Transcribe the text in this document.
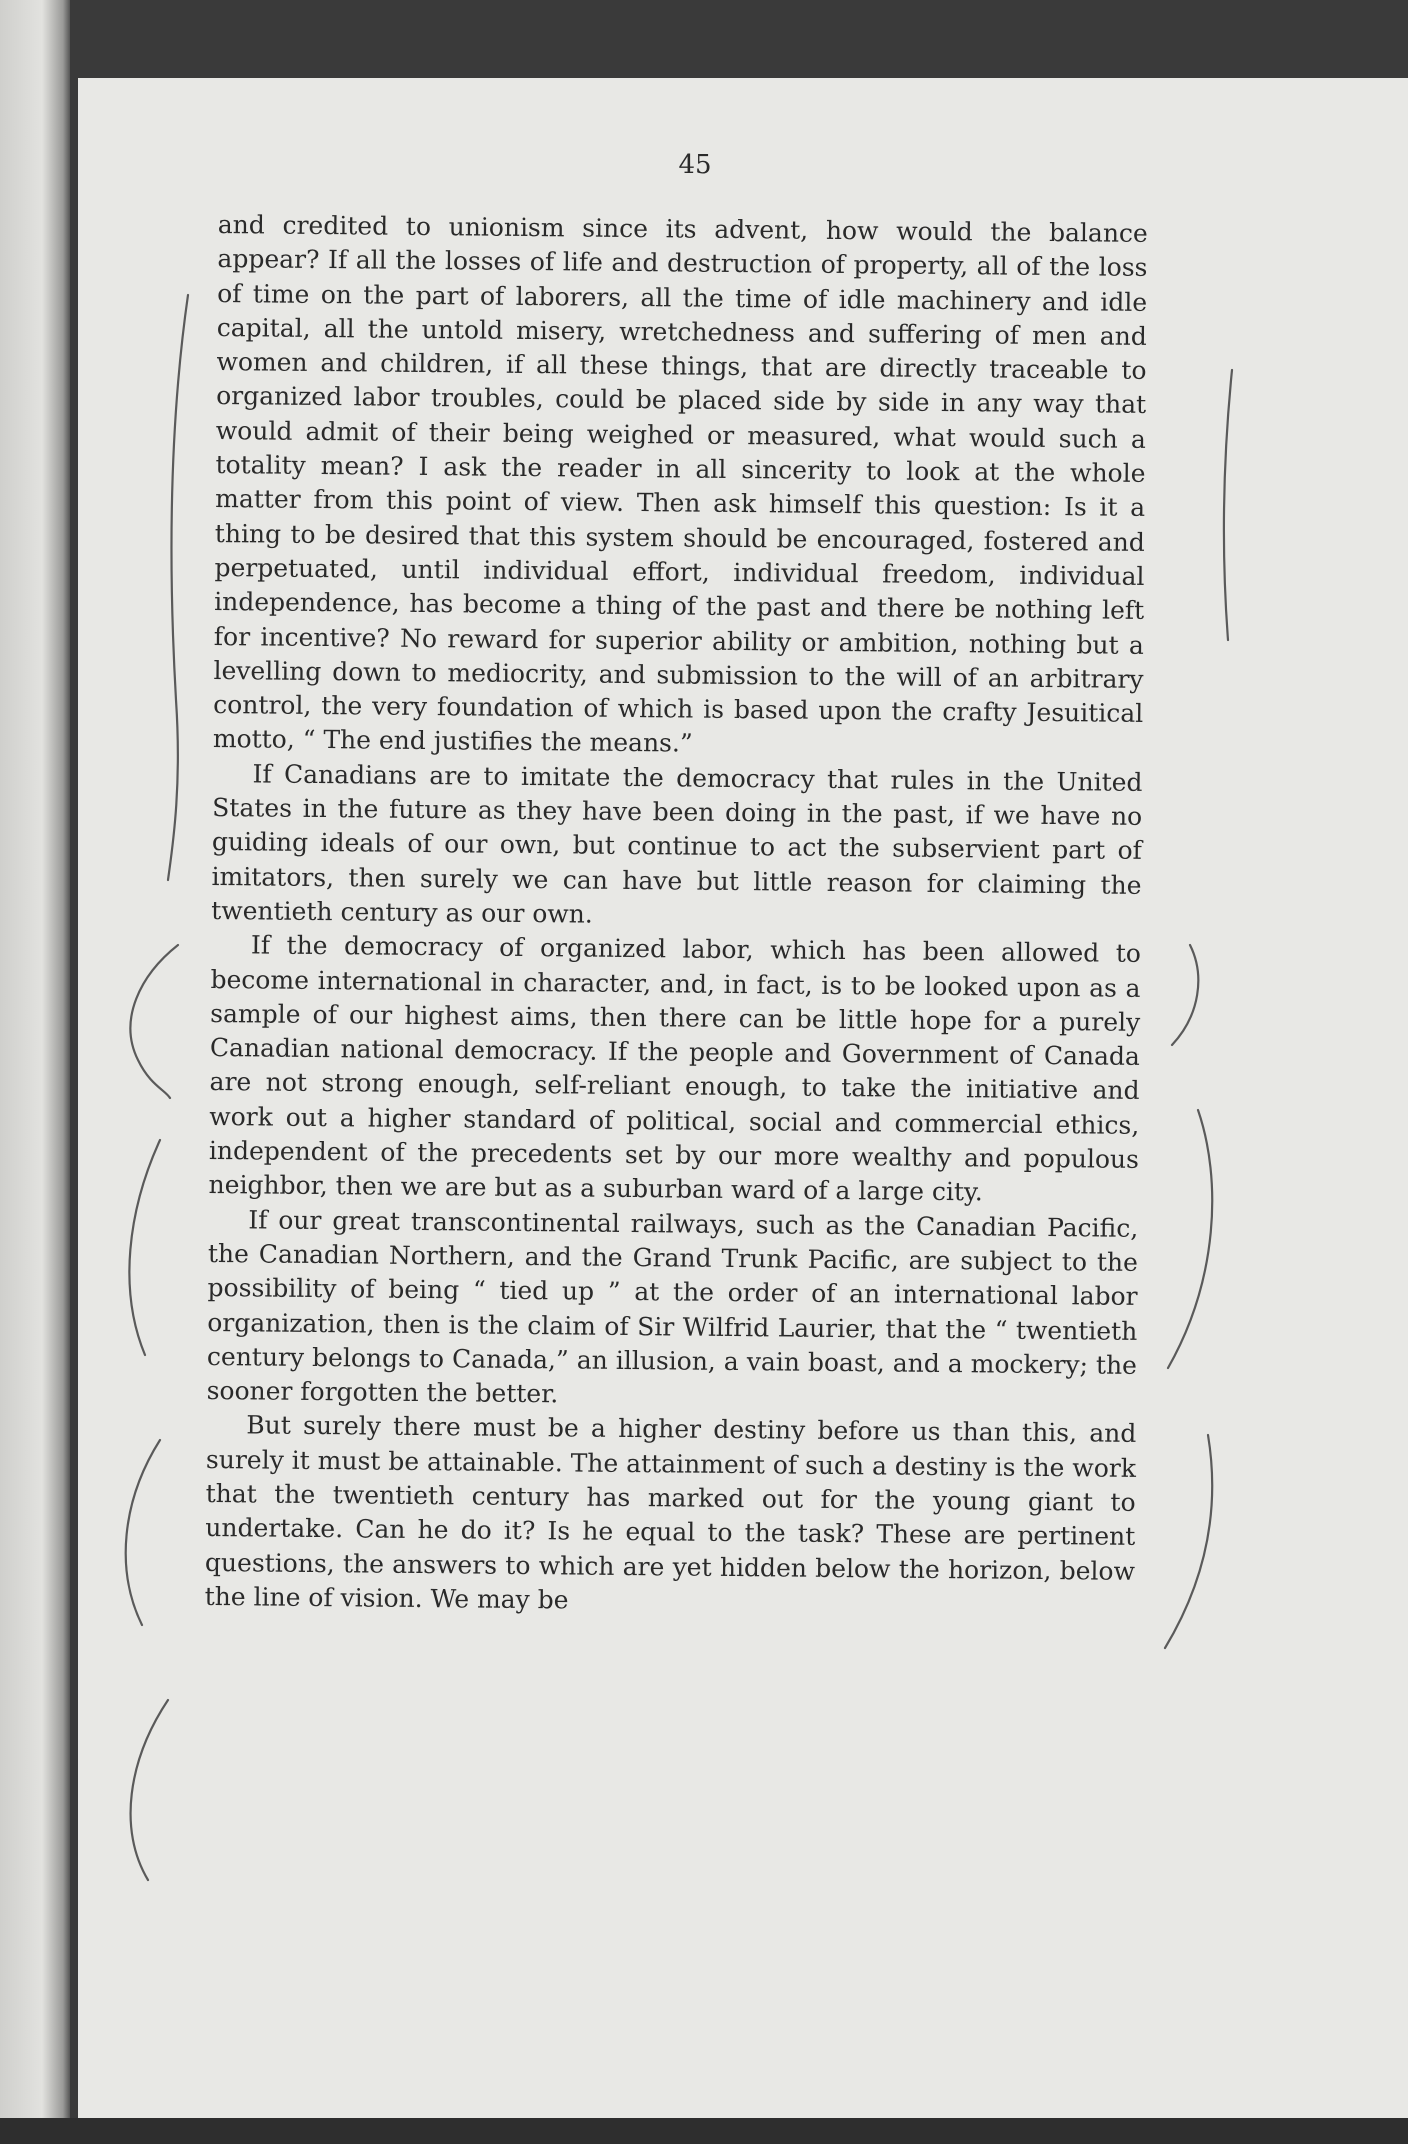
45

and credited to unionism since its advent, how would the balance appear? If all the losses of life and destruction of property, all of the loss of time on the part of laborers, all the time of idle machinery and idle capital, all the untold misery, wretchedness and suffering of men and women and children, if all these things, that are directly traceable to organized labor troubles, could be placed side by side in any way that would admit of their being weighed or measured, what would such a totality mean? I ask the reader in all sincerity to look at the whole matter from this point of view. Then ask himself this question: Is it a thing to be desired that this system should be encouraged, fostered and perpetuated, until individual effort, individual freedom, individual independence, has become a thing of the past and there be nothing left for incentive? No reward for superior ability or ambition, nothing but a levelling down to mediocrity, and submission to the will of an arbitrary control, the very foundation of which is based upon the crafty Jesuitical motto, “ The end justifies the means.”

If Canadians are to imitate the democracy that rules in the United States in the future as they have been doing in the past, if we have no guiding ideals of our own, but continue to act the subservient part of imitators, then surely we can have but little reason for claiming the twentieth century as our own.

If the democracy of organized labor, which has been allowed to become international in character, and, in fact, is to be looked upon as a sample of our highest aims, then there can be little hope for a purely Canadian national democracy. If the people and Government of Canada are not strong enough, self-reliant enough, to take the initiative and work out a higher standard of political, social and commercial ethics, independent of the precedents set by our more wealthy and populous neighbor, then we are but as a suburban ward of a large city.

If our great transcontinental railways, such as the Canadian Pacific, the Canadian Northern, and the Grand Trunk Pacific, are subject to the possibility of being “ tied up ” at the order of an international labor organization, then is the claim of Sir Wilfrid Laurier, that the “ twentieth century belongs to Canada,” an illusion, a vain boast, and a mockery; the sooner forgotten the better.

But surely there must be a higher destiny before us than this, and surely it must be attainable. The attainment of such a destiny is the work that the twentieth century has marked out for the young giant to undertake. Can he do it? Is he equal to the task? These are pertinent questions, the answers to which are yet hidden below the horizon, below the line of vision. We may be
